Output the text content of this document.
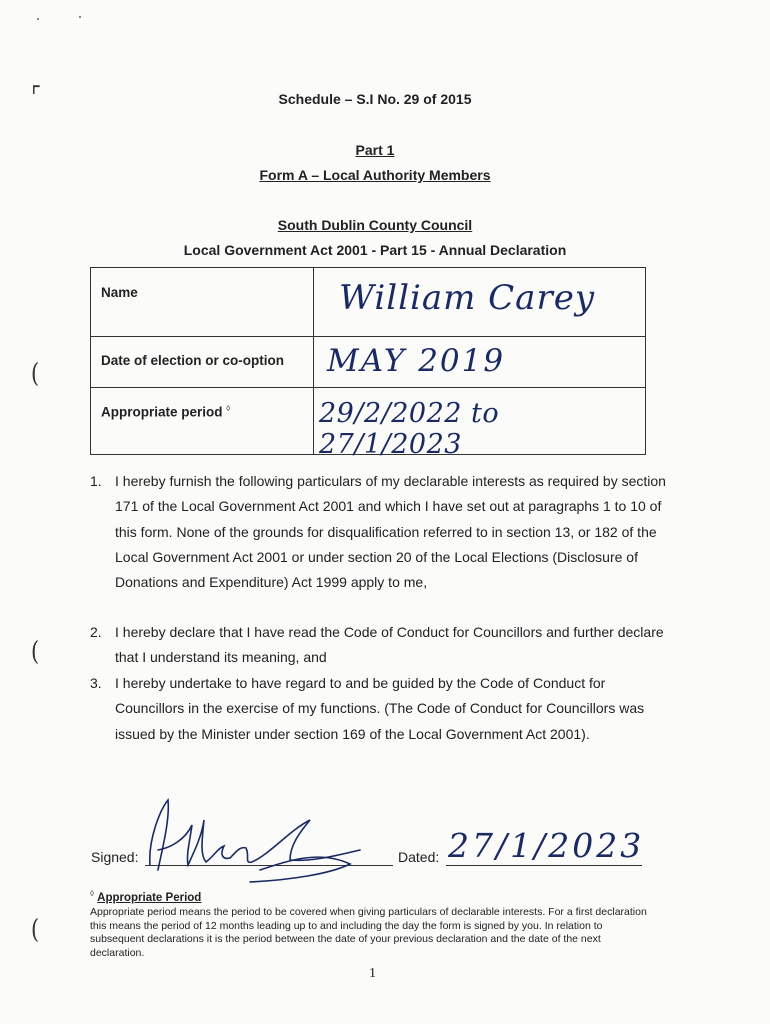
⌜
(
(
(
Schedule – S.I No. 29 of 2015
Part 1
Form A – Local Authority Members
South Dublin County Council
Local Government Act 2001 - Part 15 - Annual Declaration
Name	William Carey
Date of election or co-option MAY 2019
Appropriate period ◊	29/2/2022 to 27/1/2023
1. I hereby furnish the following particulars of my declarable interests as required by section 171 of the Local Government Act 2001 and which I have set out at paragraphs 1 to 10 of this form. None of the grounds for disqualification referred to in section 13, or 182 of the Local Government Act 2001 or under section 20 of the Local Elections (Disclosure of Donations and Expenditure) Act 1999 apply to me,
2. I hereby declare that I have read the Code of Conduct for Councillors and further declare that I understand its meaning, and
3. I hereby undertake to have regard to and be guided by the Code of Conduct for Councillors in the exercise of my functions. (The Code of Conduct for Councillors was issued by the Minister under section 169 of the Local Government Act 2001).
Signed:	Dated: 27/1/2023
◊ Appropriate Period
Appropriate period means the period to be covered when giving particulars of declarable interests. For a first declaration this means the period of 12 months leading up to and including the day the form is signed by you. In relation to subsequent declarations it is the period between the date of your previous declaration and the date of the next declaration.
1
